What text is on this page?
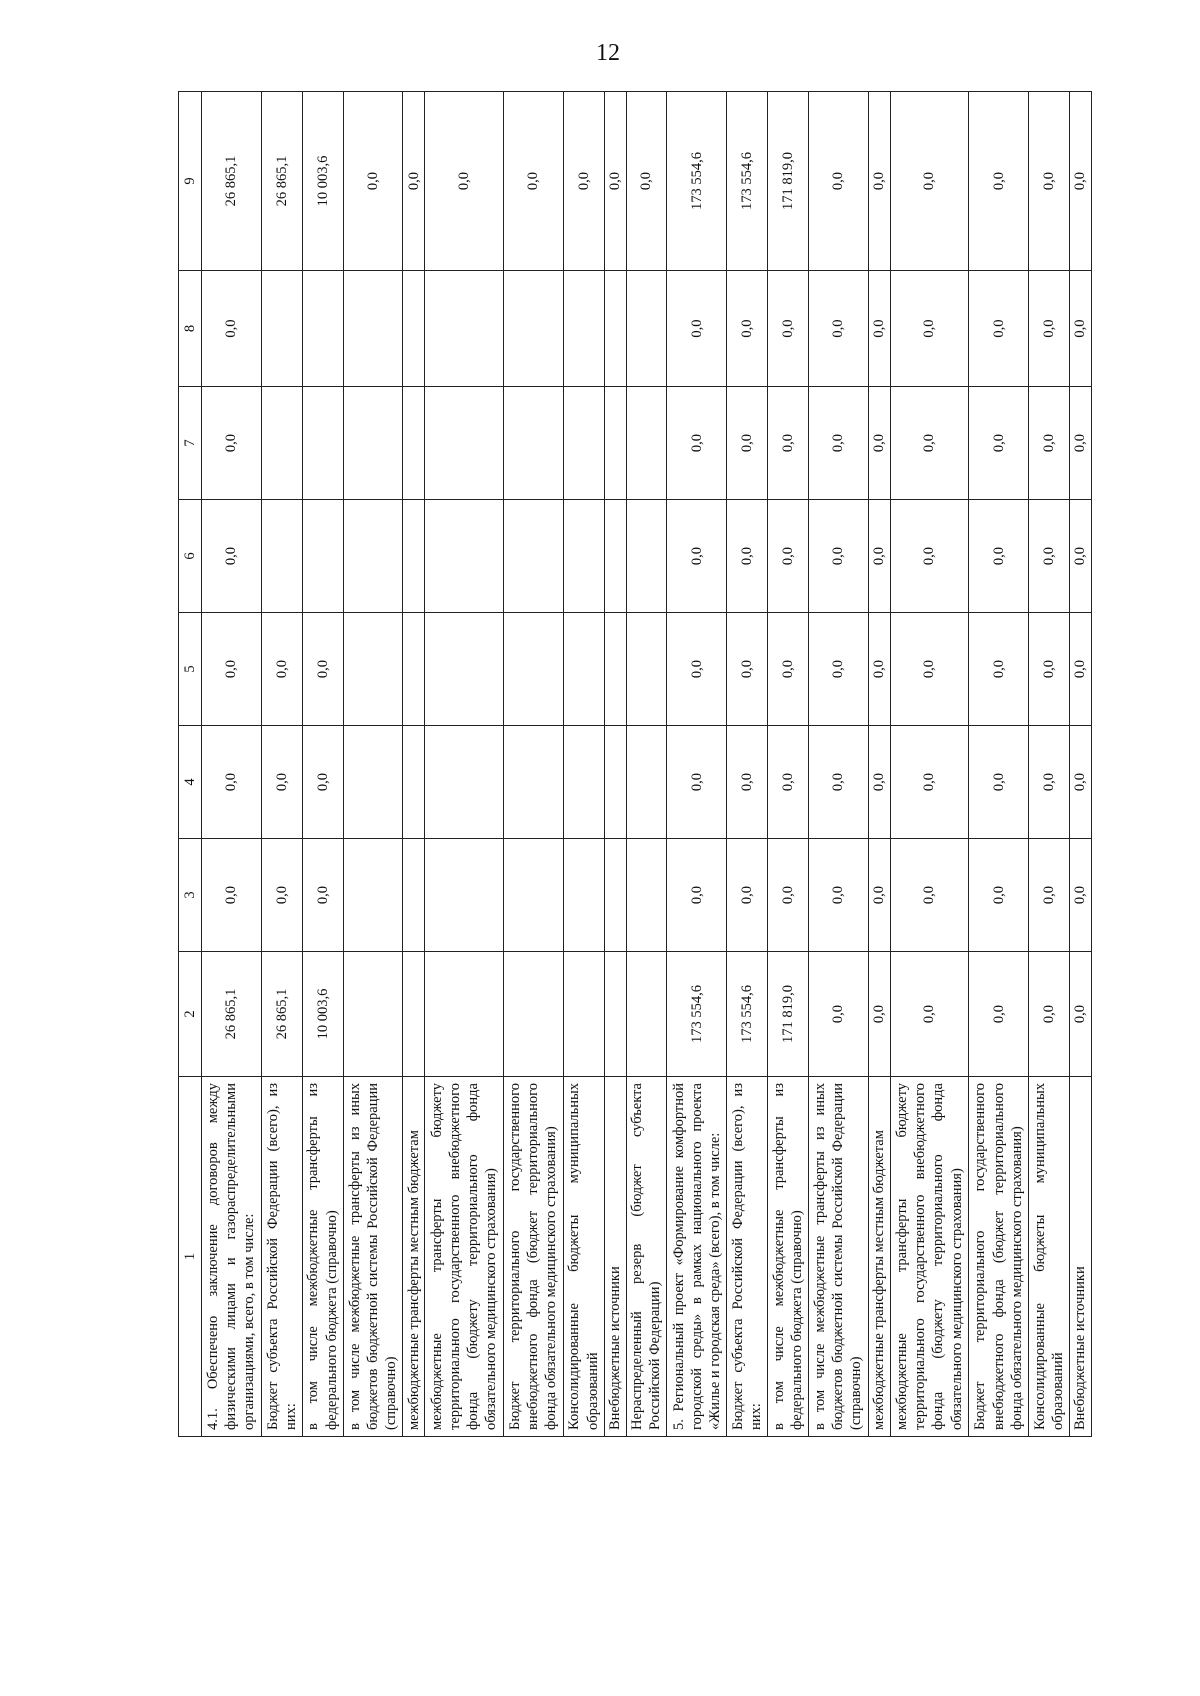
12
1	2	3	4	5	6	7	8	9
4.1. Обеспечено заключение договоров между физическими лицами и газораспределительными организациями, всего, в том числе:	26 865,1	0,0	0,0	0,0	0,0	0,0	0,0	26 865,1
Бюджет субъекта Российской Федерации (всего), из них:	26 865,1	0,0	0,0	0,0				26 865,1
в том числе межбюджетные трансферты из федерального бюджета (справочно)	10 003,6	0,0	0,0	0,0				10 003,6
в том числе межбюджетные трансферты из иных бюджетов бюджетной системы Российской Федерации (справочно)								0,0
межбюджетные трансферты местным бюджетам								0,0
межбюджетные трансферты бюджету территориального государственного внебюджетного фонда (бюджету территориального фонда обязательного медицинского страхования)								0,0
Бюджет территориального государственного внебюджетного фонда (бюджет территориального фонда обязательного медицинского страхования)								0,0
Консолидированные бюджеты муниципальных образований								0,0
Внебюджетные источники								0,0
Нераспределенный резерв (бюджет субъекта Российской Федерации)								0,0
5. Региональный проект «Формирование комфортной городской среды» в рамках национального проекта «Жилье и городская среда» (всего), в том числе:	173 554,6	0,0	0,0	0,0	0,0	0,0	0,0	173 554,6
Бюджет субъекта Российской Федерации (всего), из них:	173 554,6	0,0	0,0	0,0	0,0	0,0	0,0	173 554,6
в том числе межбюджетные трансферты из федерального бюджета (справочно)	171 819,0	0,0	0,0	0,0	0,0	0,0	0,0	171 819,0
в том числе межбюджетные трансферты из иных бюджетов бюджетной системы Российской Федерации (справочно)	0,0	0,0	0,0	0,0	0,0	0,0	0,0	0,0
межбюджетные трансферты местным бюджетам	0,0	0,0	0,0	0,0	0,0	0,0	0,0	0,0
межбюджетные трансферты бюджету территориального государственного внебюджетного фонда (бюджету территориального фонда обязательного медицинского страхования)	0,0	0,0	0,0	0,0	0,0	0,0	0,0	0,0
Бюджет территориального государственного внебюджетного фонда (бюджет территориального фонда обязательного медицинского страхования)	0,0	0,0	0,0	0,0	0,0	0,0	0,0	0,0
Консолидированные бюджеты муниципальных образований	0,0	0,0	0,0	0,0	0,0	0,0	0,0	0,0
Внебюджетные источники	0,0	0,0	0,0	0,0	0,0	0,0	0,0	0,0
